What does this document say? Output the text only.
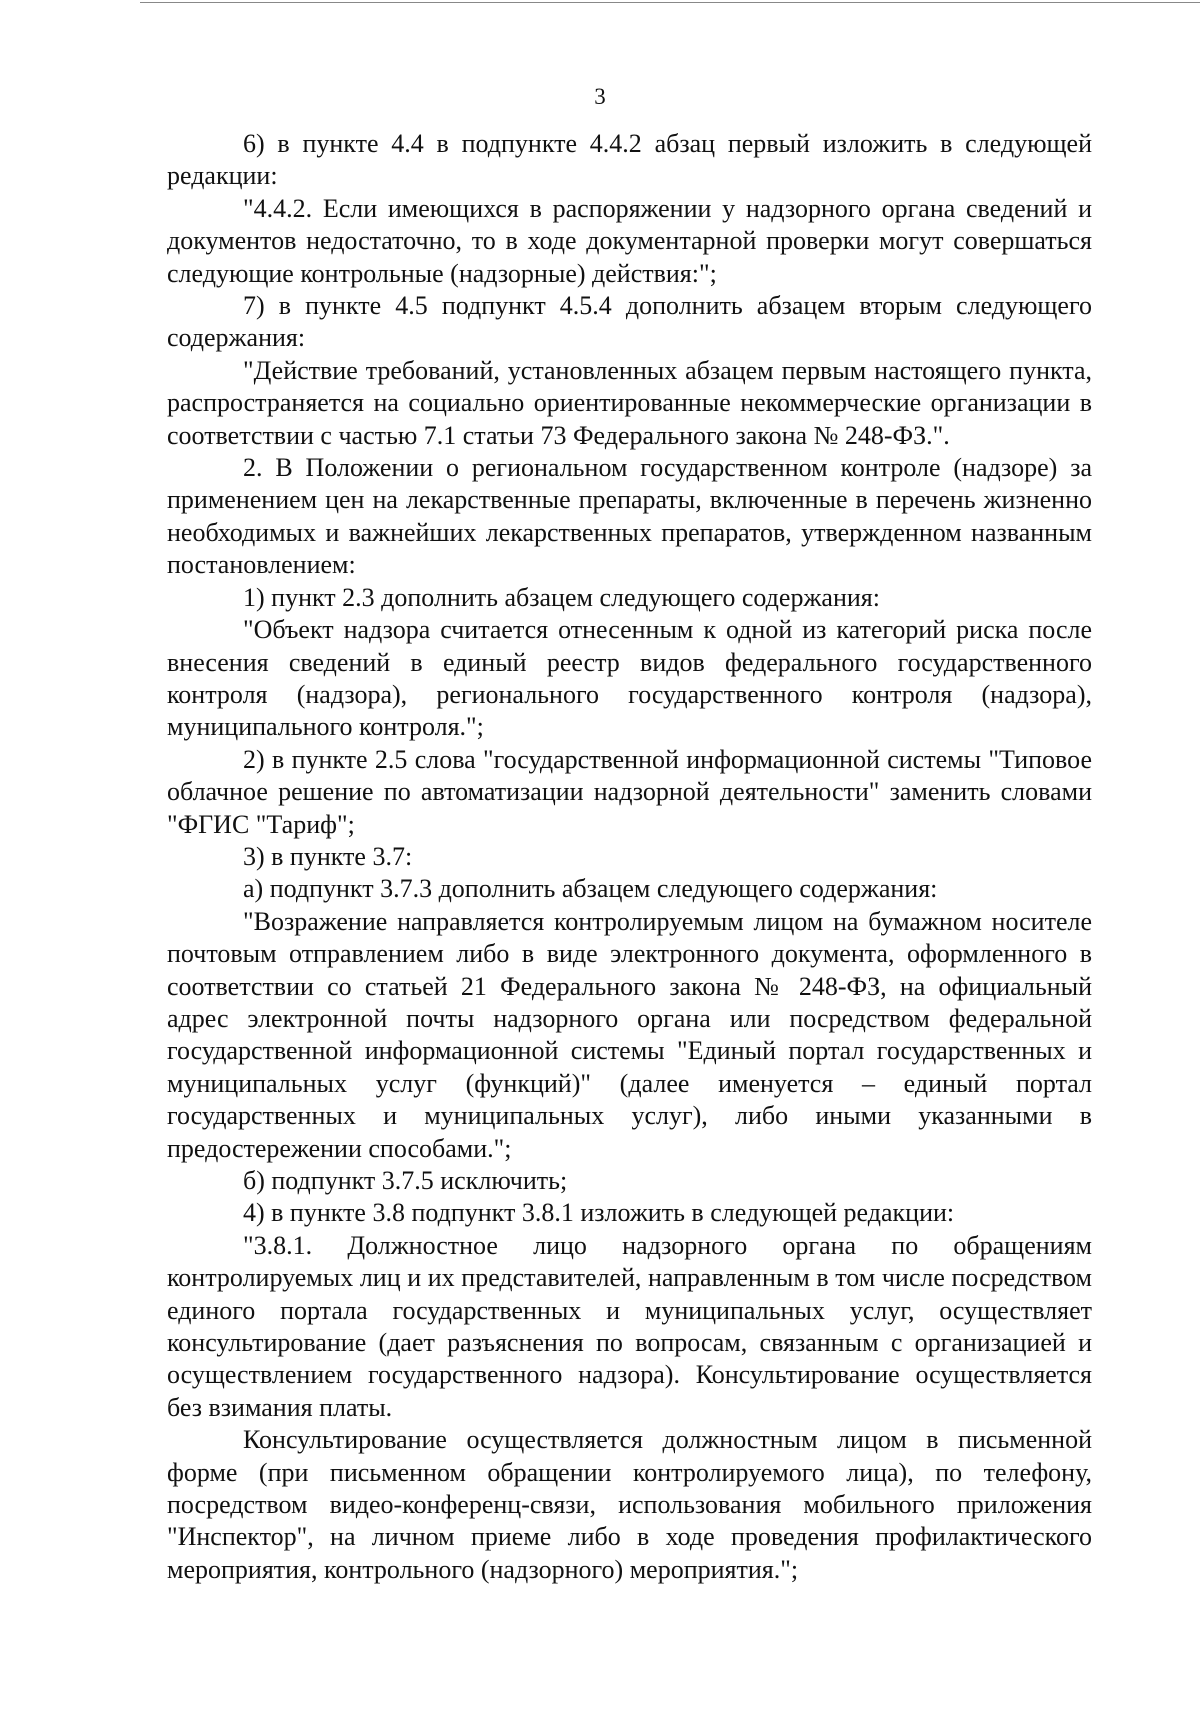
3

6) в пункте 4.4 в подпункте 4.4.2 абзац первый изложить в следующей редакции:

"4.4.2. Если имеющихся в распоряжении у надзорного органа сведений и документов недостаточно, то в ходе документарной проверки могут совершаться следующие контрольные (надзорные) действия:";

7) в пункте 4.5 подпункт 4.5.4 дополнить абзацем вторым следующего содержания:

"Действие требований, установленных абзацем первым настоящего пункта, распространяется на социально ориентированные некоммерческие организации в соответствии с частью 7.1 статьи 73 Федерального закона № 248-ФЗ.".

2. В Положении о региональном государственном контроле (надзоре) за применением цен на лекарственные препараты, включенные в перечень жизненно необходимых и важнейших лекарственных препаратов, утвержденном названным постановлением:

1) пункт 2.3 дополнить абзацем следующего содержания:

"Объект надзора считается отнесенным к одной из категорий риска после внесения сведений в единый реестр видов федерального государственного контроля (надзора), регионального государственного контроля (надзора), муниципального контроля.";

2) в пункте 2.5 слова "государственной информационной системы "Типовое облачное решение по автоматизации надзорной деятельности" заменить словами "ФГИС "Тариф";

3) в пункте 3.7:

а) подпункт 3.7.3 дополнить абзацем следующего содержания:

"Возражение направляется контролируемым лицом на бумажном носителе почтовым отправлением либо в виде электронного документа, оформленного в соответствии со статьей 21 Федерального закона № 248-ФЗ, на официальный адрес электронной почты надзорного органа или посредством федеральной государственной информационной системы "Единый портал государственных и муниципальных услуг (функций)" (далее именуется – единый портал государственных и муниципальных услуг), либо иными указанными в предостережении способами.";

б) подпункт 3.7.5 исключить;

4) в пункте 3.8 подпункт 3.8.1 изложить в следующей редакции:

"3.8.1. Должностное лицо надзорного органа по обращениям контролируемых лиц и их представителей, направленным в том числе посредством единого портала государственных и муниципальных услуг, осуществляет консультирование (дает разъяснения по вопросам, связанным с организацией и осуществлением государственного надзора). Консультирование осуществляется без взимания платы.

Консультирование осуществляется должностным лицом в письменной форме (при письменном обращении контролируемого лица), по телефону, посредством видео-конференц-связи, использования мобильного приложения "Инспектор", на личном приеме либо в ходе проведения профилактического мероприятия, контрольного (надзорного) мероприятия.";
